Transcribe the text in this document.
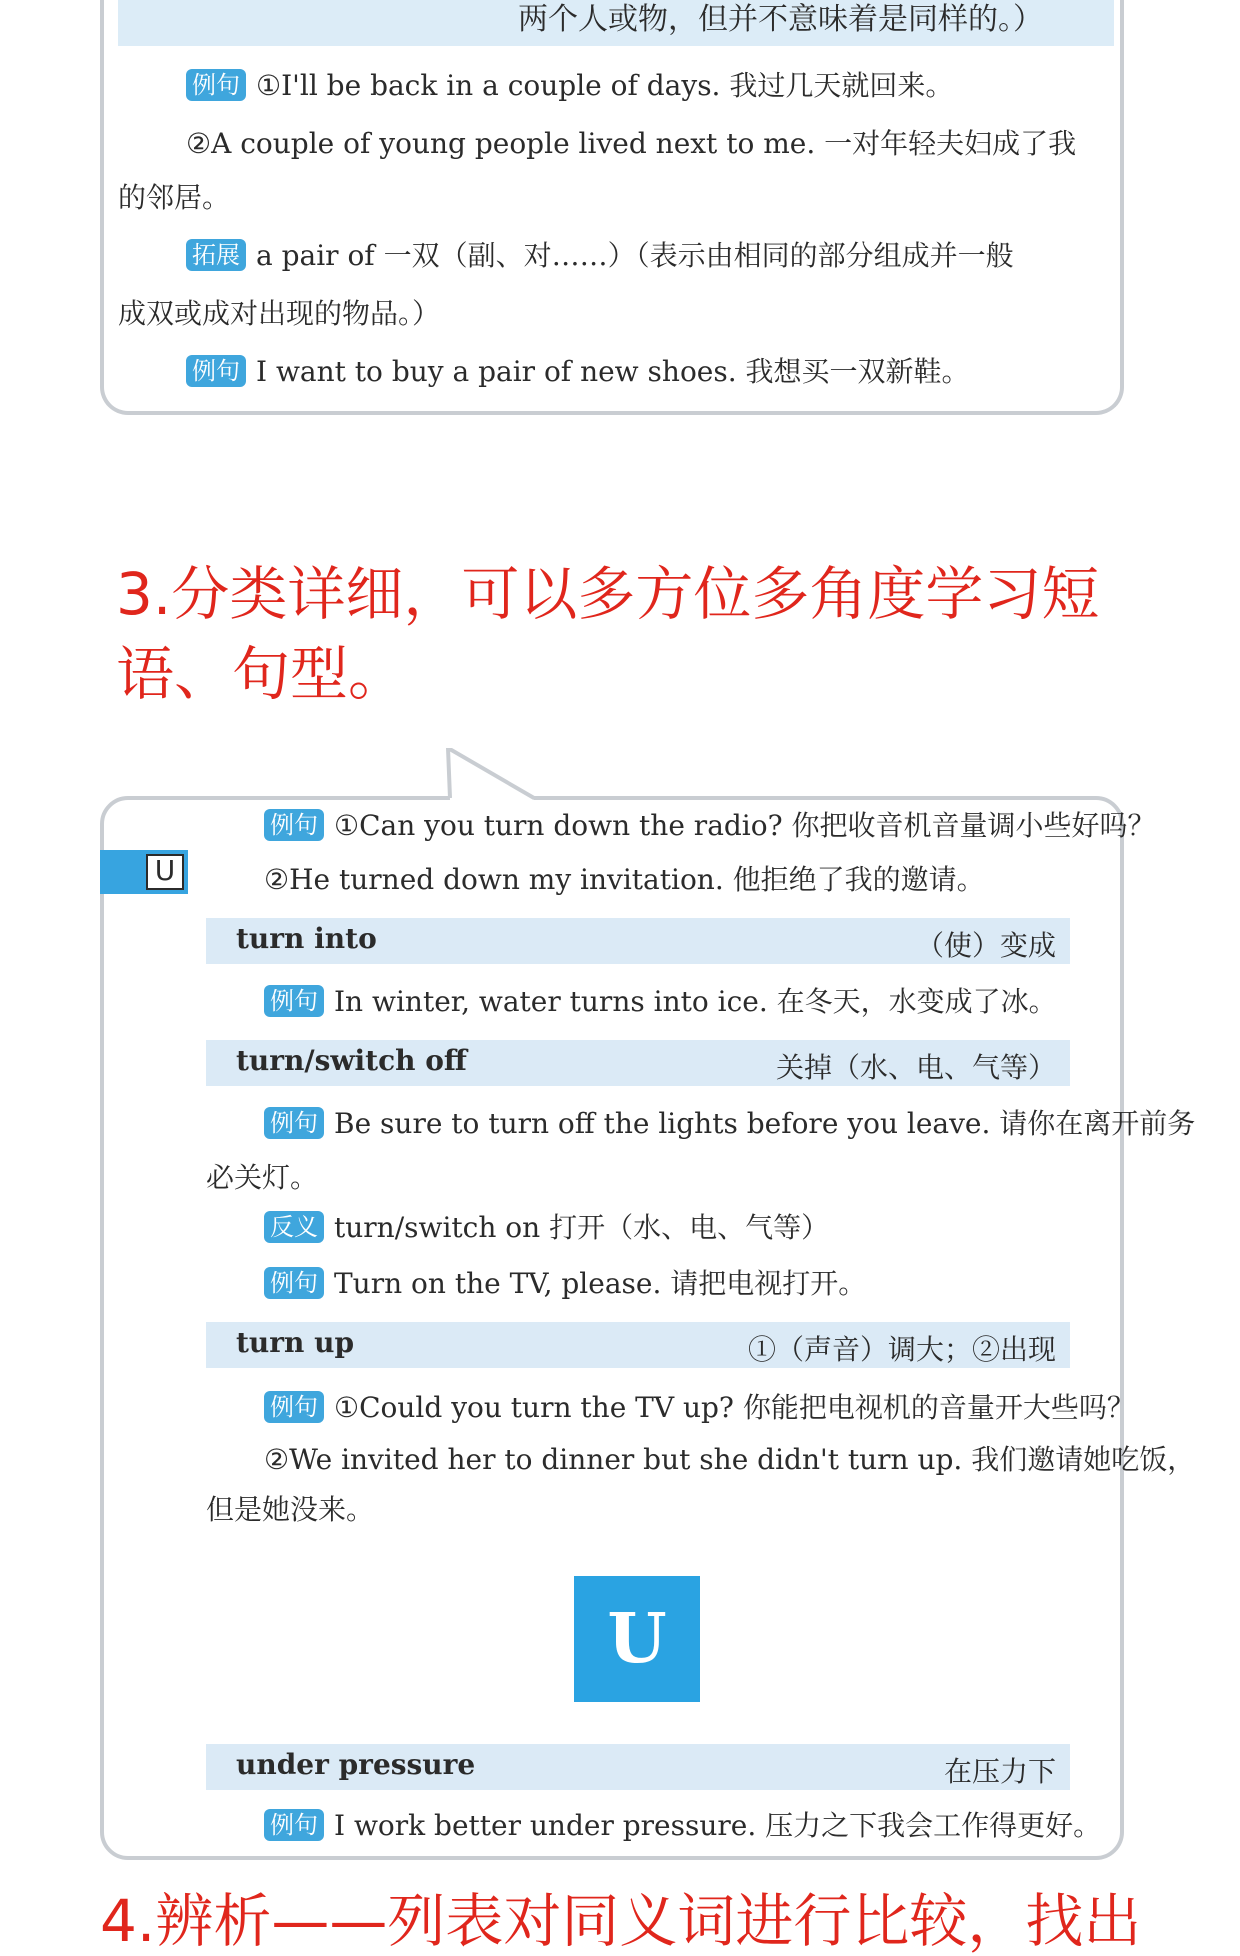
两个人或物，但并不意味着是同样的。）
例句 ①I'll be back in a couple of days. 我过几天就回来。
②A couple of young people lived next to me. 一对年轻夫妇成了我
的邻居。
拓展 a pair of 一双（副、对……）（表示由相同的部分组成并一般
成双或成对出现的物品。）
例句 I want to buy a pair of new shoes. 我想买一双新鞋。
3.分类详细，可以多方位多角度学习短
语、句型。
U
例句 ①Can you turn down the radio? 你把收音机音量调小些好吗？
②He turned down my invitation. 他拒绝了我的邀请。
turn into	（使）变成
例句 In winter, water turns into ice. 在冬天，水变成了冰。
turn/switch off	关掉（水、电、气等）
例句 Be sure to turn off the lights before you leave. 请你在离开前务
必关灯。
反义 turn/switch on 打开（水、电、气等）
例句 Turn on the TV, please. 请把电视打开。
turn up	①（声音）调大；②出现
例句 ①Could you turn the TV up? 你能把电视机的音量开大些吗？
②We invited her to dinner but she didn't turn up. 我们邀请她吃饭，
但是她没来。
U
under pressure	在压力下
例句 I work better under pressure. 压力之下我会工作得更好。
4.辨析——列表对同义词进行比较，找出
